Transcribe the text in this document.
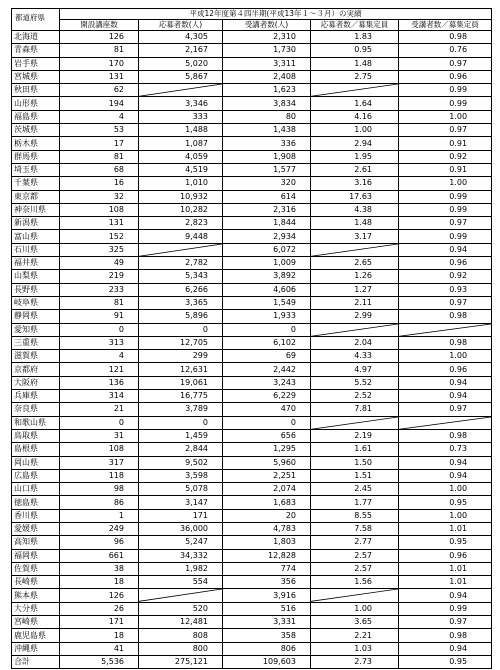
都道府県	平成12年度第４四半期(平成13年１～３月）の実績				
	開設講座数	応募者数(人)	受講者数(人)	応募者数／募集定員	受講者数／募集定員
北海道	126	4,305	2,310	1.83	0.98
青森県	81	2,167	1,730	0.95	0.76
岩手県	170	5,020	3,311	1.48	0.97
宮城県	131	5,867	2,408	2.75	0.96
秋田県	62		1,623		0.99
山形県	194	3,346	3,834	1.64	0.99
福島県	4	333	80	4.16	1.00
茨城県	53	1,488	1,438	1.00	0.97
栃木県	17	1,087	336	2.94	0.91
群馬県	81	4,059	1,908	1.95	0.92
埼玉県	68	4,519	1,577	2.61	0.91
千葉県	16	1,010	320	3.16	1.00
東京都	32	10,932	614	17.63	0.99
神奈川県	108	10,282	2,316	4.38	0.99
新潟県	131	2,823	1,844	1.48	0.97
富山県	152	9,448	2,934	3.17	0.99
石川県	325		6,072		0.94
福井県	49	2,782	1,009	2.65	0.96
山梨県	219	5,343	3,892	1.26	0.92
長野県	233	6,266	4,606	1.27	0.93
岐阜県	81	3,365	1,549	2.11	0.97
静岡県	91	5,896	1,933	2.99	0.98
愛知県	0	0	0	

三重県	313	12,705	6,102	2.04	0.98
滋賀県	4	299	69	4.33	1.00
京都府	121	12,631	2,442	4.97	0.96
大阪府	136	19,061	3,243	5.52	0.94
兵庫県	314	16,775	6,229	2.52	0.94
奈良県	21	3,789	470	7.81	0.97
和歌山県	0	0	0	

鳥取県	31	1,459	656	2.19	0.98
島根県	108	2,844	1,295	1.61	0.73
岡山県	317	9,502	5,960	1.50	0.94
広島県	118	3,598	2,251	1.51	0.94
山口県	98	5,078	2,074	2.45	1.00
徳島県	86	3,147	1,683	1.77	0.95
香川県	1	171	20	8.55	1.00
愛媛県	249	36,000	4,783	7.58	1.01
高知県	96	5,247	1,803	2.77	0.95
福岡県	661	34,332	12,828	2.57	0.96
佐賀県	38	1,982	774	2.57	1.01
長崎県	18	554	356	1.56	1.01
熊本県	126		3,916		0.94
大分県	26	520	516	1.00	0.99
宮崎県	171	12,481	3,331	3.65	0.97
鹿児島県	18	808	358	2.21	0.98
沖縄県	41	800	806	1.03	0.94
合計	5,536	275,121	109,603	2.73	0.95
